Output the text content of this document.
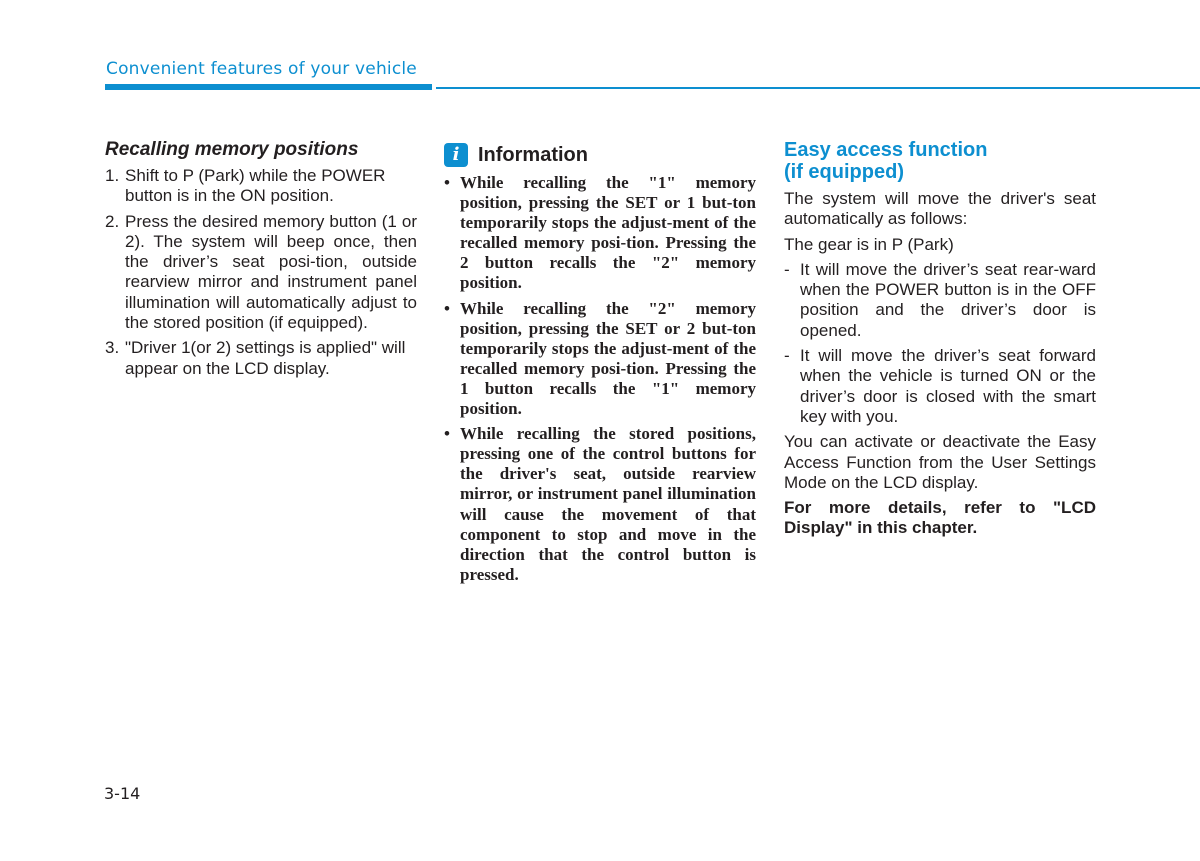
Convenient features of your vehicle
Recalling memory positions
1. Shift to P (Park) while the POWER button is in the ON position.
2. Press the desired memory button (1 or 2). The system will beep once, then the driver’s seat posi-tion, outside rearview mirror and instrument panel illumination will automatically adjust to the stored position (if equipped).
3. "Driver 1(or 2) settings is applied" will appear on the LCD display.
i Information
• While recalling the "1" memory position, pressing the SET or 1 but-ton temporarily stops the adjust-ment of the recalled memory posi-tion. Pressing the 2 button recalls the "2" memory position.
• While recalling the "2" memory position, pressing the SET or 2 but-ton temporarily stops the adjust-ment of the recalled memory posi-tion. Pressing the 1 button recalls the "1" memory position.
• While recalling the stored positions, pressing one of the control buttons for the driver's seat, outside rearview mirror, or instrument panel illumination will cause the movement of that component to stop and move in the direction that the control button is pressed.
Easy access function
(if equipped)

The system will move the driver's seat automatically as follows:

The gear is in P (Park)

- It will move the driver’s seat rear-ward when the POWER button is in the OFF position and the driver’s door is opened.
- It will move the driver’s seat forward when the vehicle is turned ON or the driver’s door is closed with the smart key with you.

You can activate or deactivate the Easy Access Function from the User Settings Mode on the LCD display.

For more details, refer to "LCD Display" in this chapter.

3-14
